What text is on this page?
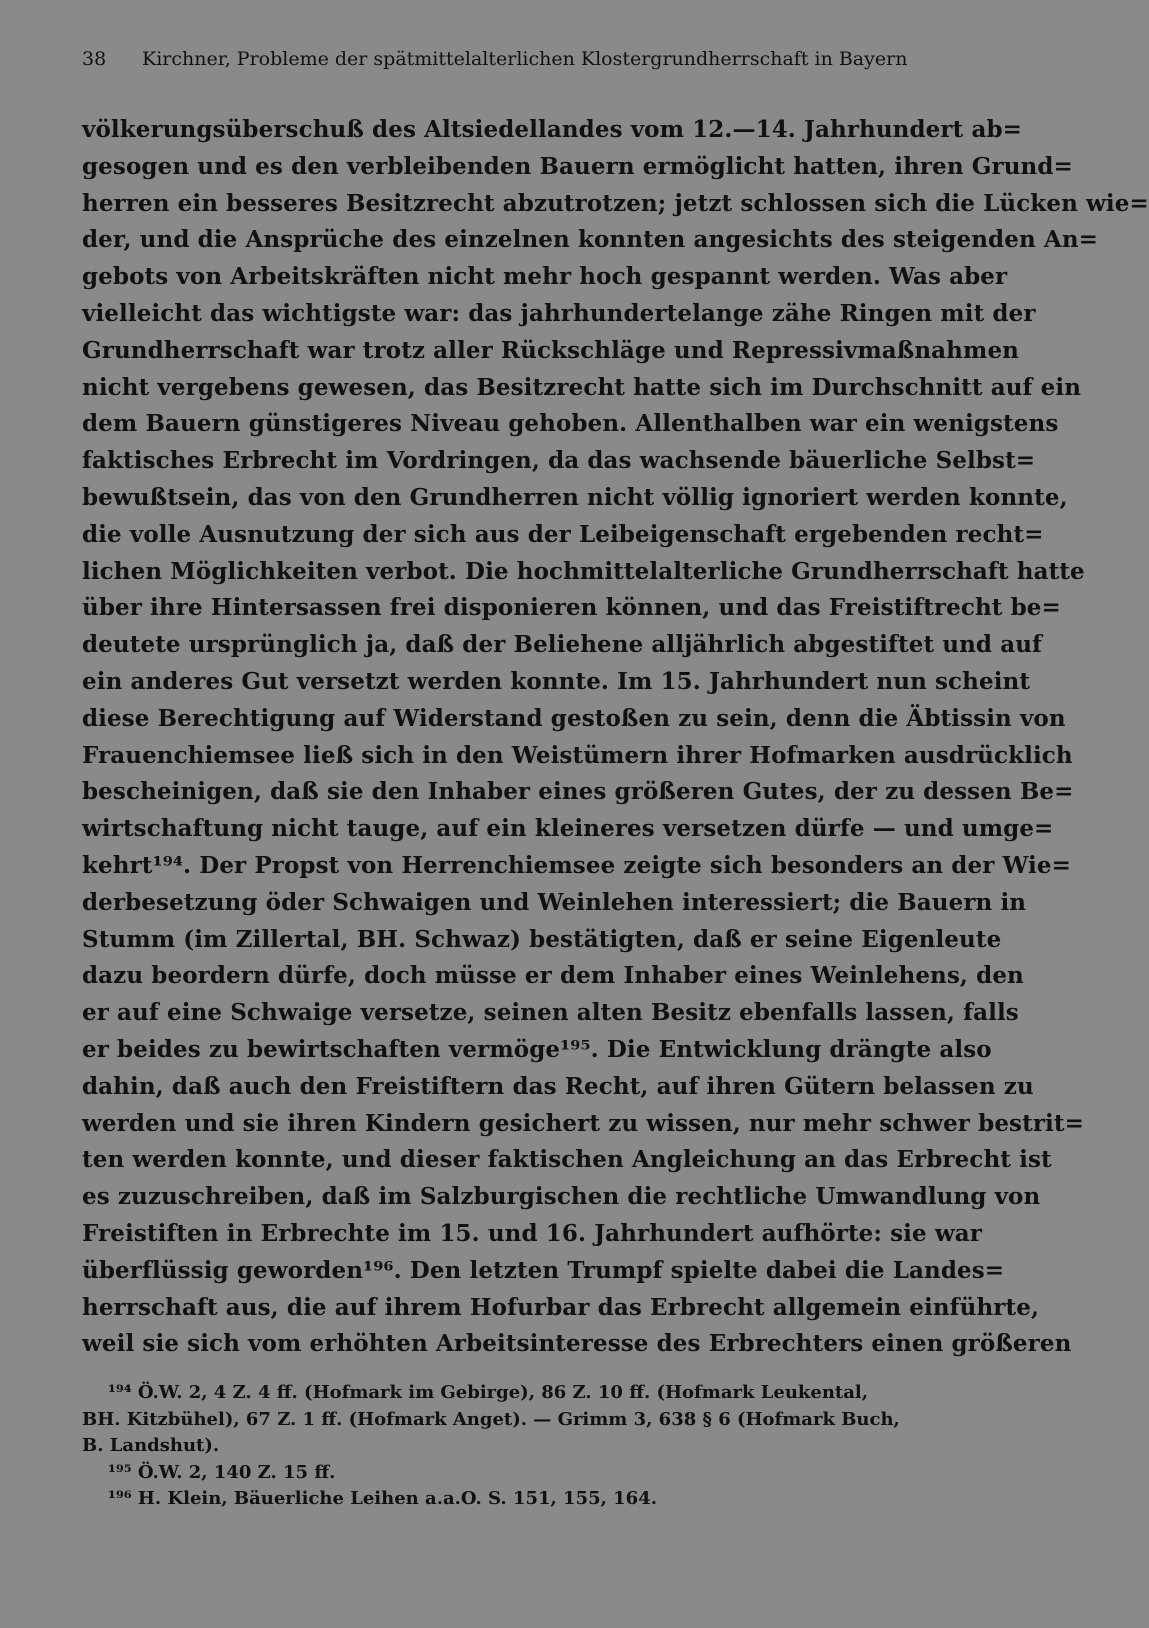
38 Kirchner, Probleme der spätmittelalterlichen Klostergrundherrschaft in Bayern
völkerungsüberschuß des Altsiedellandes vom 12.—14. Jahrhundert ab=
gesogen und es den verbleibenden Bauern ermöglicht hatten, ihren Grund=
herren ein besseres Besitzrecht abzutrotzen; jetzt schlossen sich die Lücken wie=
der, und die Ansprüche des einzelnen konnten angesichts des steigenden An=
gebots von Arbeitskräften nicht mehr hoch gespannt werden. Was aber
vielleicht das wichtigste war: das jahrhundertelange zähe Ringen mit der
Grundherrschaft war trotz aller Rückschläge und Repressivmaßnahmen
nicht vergebens gewesen, das Besitzrecht hatte sich im Durchschnitt auf ein
dem Bauern günstigeres Niveau gehoben. Allenthalben war ein wenigstens
faktisches Erbrecht im Vordringen, da das wachsende bäuerliche Selbst=
bewußtsein, das von den Grundherren nicht völlig ignoriert werden konnte,
die volle Ausnutzung der sich aus der Leibeigenschaft ergebenden recht=
lichen Möglichkeiten verbot. Die hochmittelalterliche Grundherrschaft hatte
über ihre Hintersassen frei disponieren können, und das Freistiftrecht be=
deutete ursprünglich ja, daß der Beliehene alljährlich abgestiftet und auf
ein anderes Gut versetzt werden konnte. Im 15. Jahrhundert nun scheint
diese Berechtigung auf Widerstand gestoßen zu sein, denn die Äbtissin von
Frauenchiemsee ließ sich in den Weistümern ihrer Hofmarken ausdrücklich
bescheinigen, daß sie den Inhaber eines größeren Gutes, der zu dessen Be=
wirtschaftung nicht tauge, auf ein kleineres versetzen dürfe — und umge=
kehrt¹⁹⁴. Der Propst von Herrenchiemsee zeigte sich besonders an der Wie=
derbesetzung öder Schwaigen und Weinlehen interessiert; die Bauern in
Stumm (im Zillertal, BH. Schwaz) bestätigten, daß er seine Eigenleute
dazu beordern dürfe, doch müsse er dem Inhaber eines Weinlehens, den
er auf eine Schwaige versetze, seinen alten Besitz ebenfalls lassen, falls
er beides zu bewirtschaften vermöge¹⁹⁵. Die Entwicklung drängte also
dahin, daß auch den Freistiftern das Recht, auf ihren Gütern belassen zu
werden und sie ihren Kindern gesichert zu wissen, nur mehr schwer bestrit=
ten werden konnte, und dieser faktischen Angleichung an das Erbrecht ist
es zuzuschreiben, daß im Salzburgischen die rechtliche Umwandlung von
Freistiften in Erbrechte im 15. und 16. Jahrhundert aufhörte: sie war
überflüssig geworden¹⁹⁶. Den letzten Trumpf spielte dabei die Landes=
herrschaft aus, die auf ihrem Hofurbar das Erbrecht allgemein einführte,
weil sie sich vom erhöhten Arbeitsinteresse des Erbrechters einen größeren
¹⁹⁴ Ö.W. 2, 4 Z. 4 ff. (Hofmark im Gebirge), 86 Z. 10 ff. (Hofmark Leukental,
BH. Kitzbühel), 67 Z. 1 ff. (Hofmark Anget). — Grimm 3, 638 § 6 (Hofmark Buch,
B. Landshut).
¹⁹⁵ Ö.W. 2, 140 Z. 15 ff.
¹⁹⁶ H. Klein, Bäuerliche Leihen a.a.O. S. 151, 155, 164.
